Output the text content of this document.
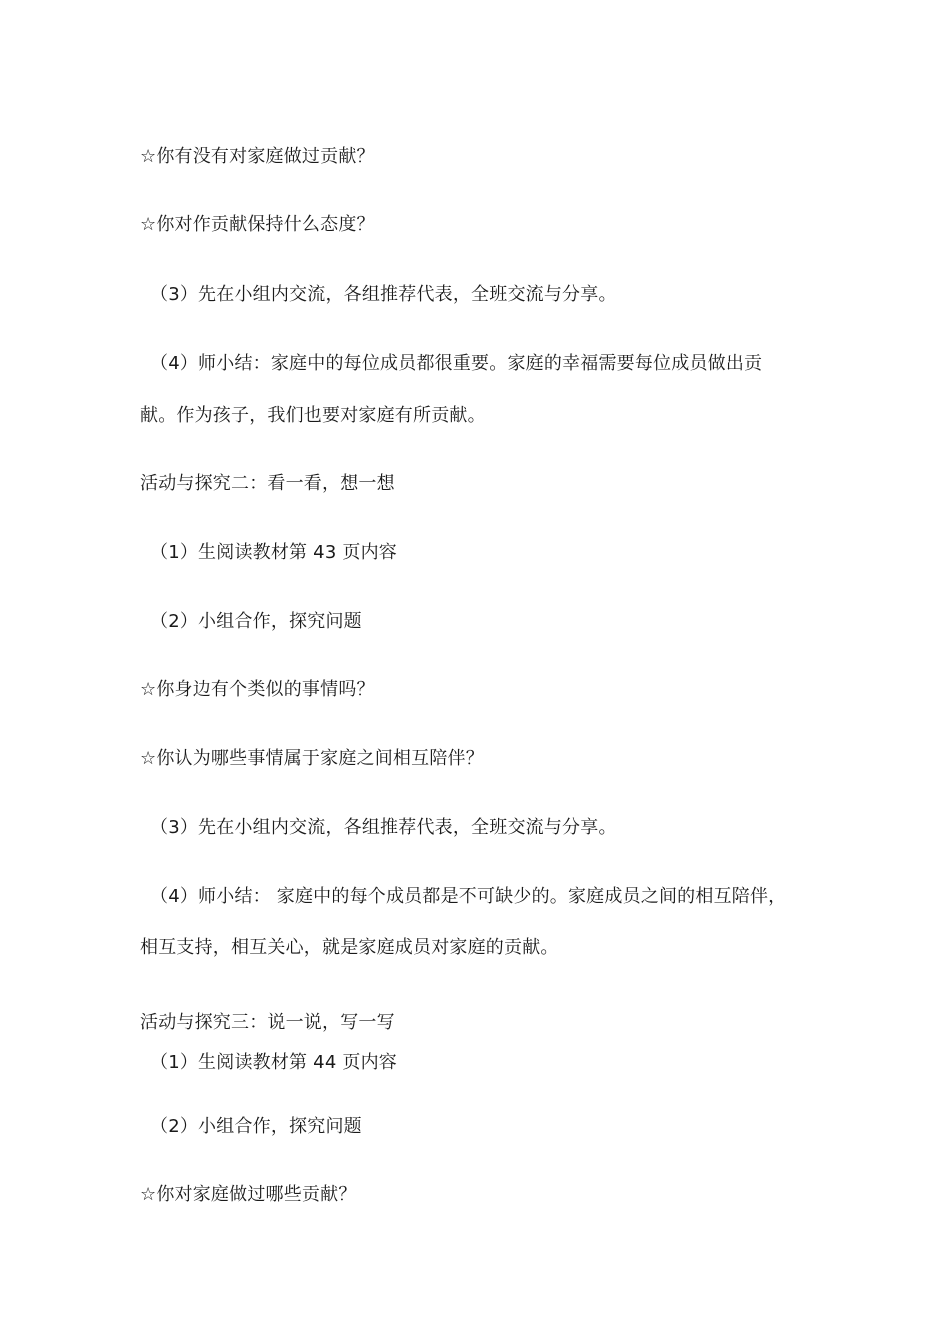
☆你有没有对家庭做过贡献？
☆你对作贡献保持什么态度？
（3）先在小组内交流，各组推荐代表，全班交流与分享。
（4）师小结：家庭中的每位成员都很重要。家庭的幸福需要每位成员做出贡
献。作为孩子，我们也要对家庭有所贡献。
活动与探究二：看一看，想一想
（1）生阅读教材第 43 页内容
（2）小组合作，探究问题
☆你身边有个类似的事情吗？
☆你认为哪些事情属于家庭之间相互陪伴？
（3）先在小组内交流，各组推荐代表，全班交流与分享。
（4）师小结： 家庭中的每个成员都是不可缺少的。家庭成员之间的相互陪伴，
相互支持，相互关心，就是家庭成员对家庭的贡献。
活动与探究三：说一说，写一写
（1）生阅读教材第 44 页内容
（2）小组合作，探究问题
☆你对家庭做过哪些贡献？
